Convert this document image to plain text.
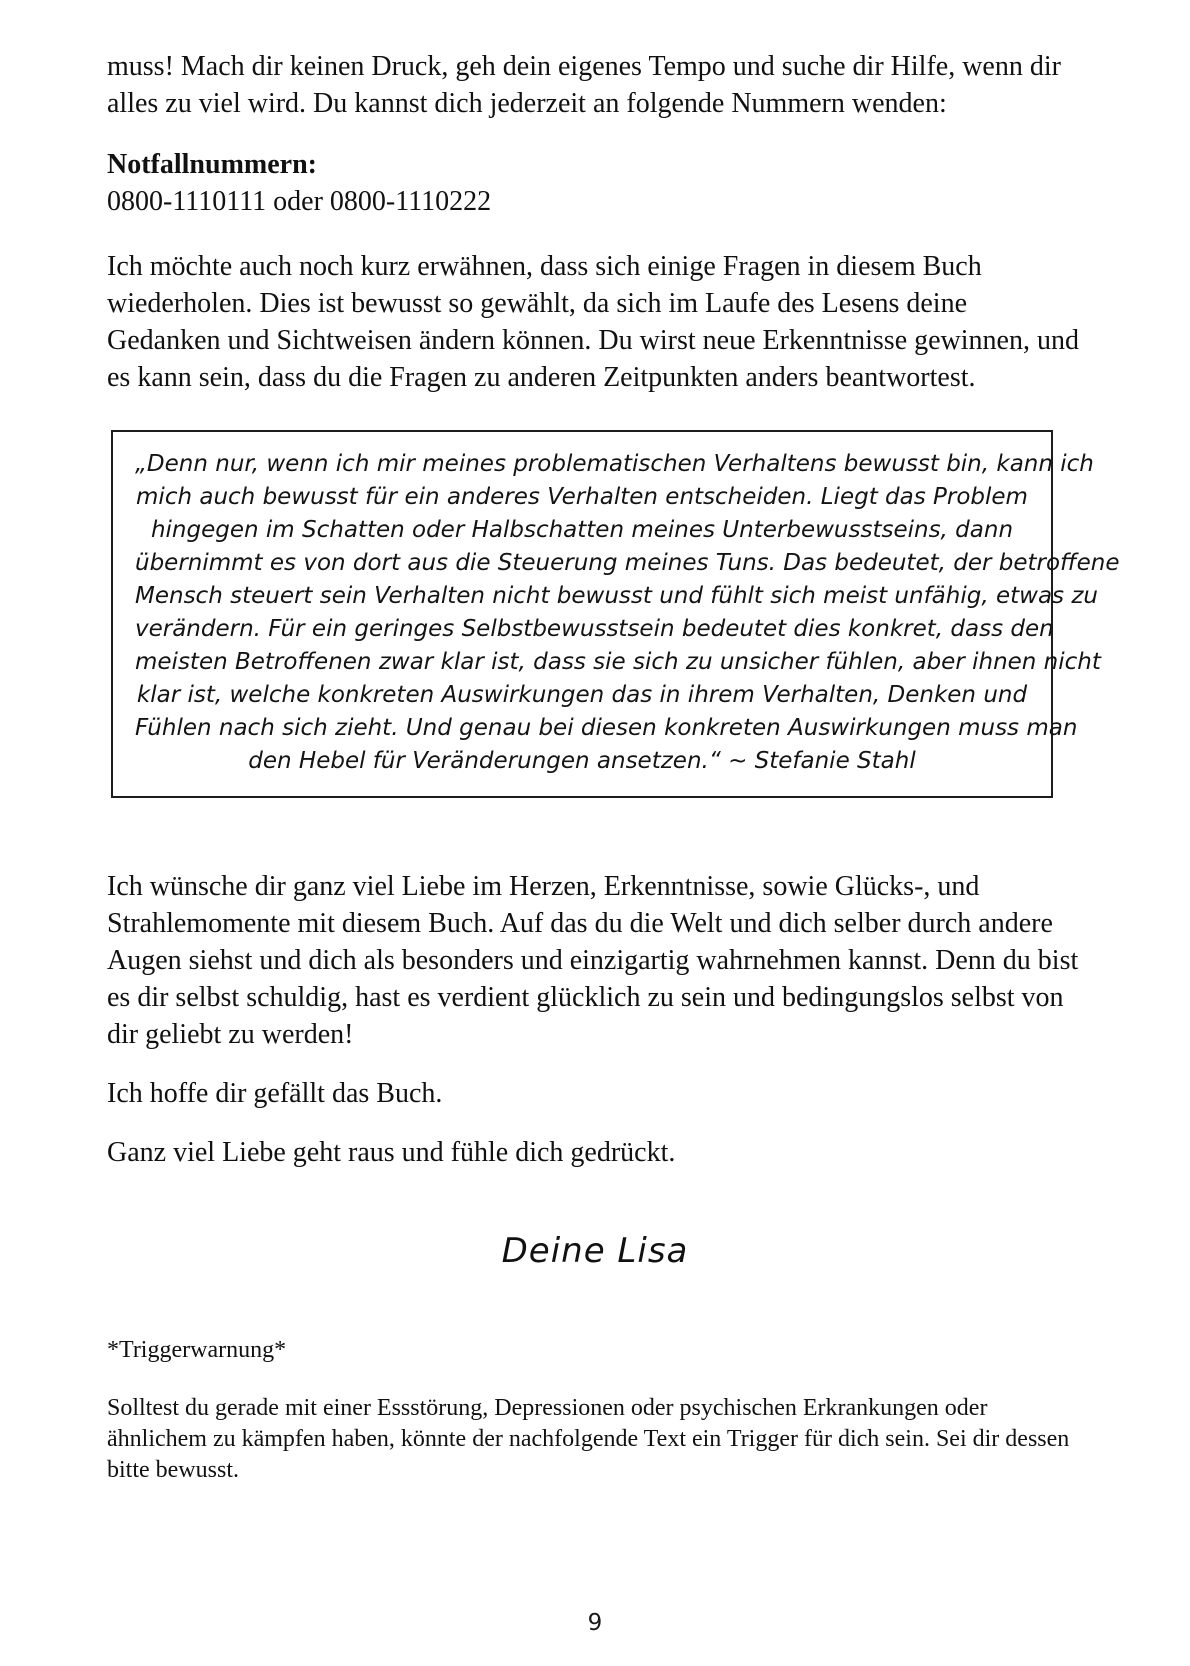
muss! Mach dir keinen Druck, geh dein eigenes Tempo und suche dir Hilfe, wenn dir alles zu viel wird. Du kannst dich jederzeit an folgende Nummern wenden:

Notfallnummern:
0800-1110111 oder 0800-1110222

Ich möchte auch noch kurz erwähnen, dass sich einige Fragen in diesem Buch wiederholen. Dies ist bewusst so gewählt, da sich im Laufe des Lesens deine Gedanken und Sichtweisen ändern können. Du wirst neue Erkenntnisse gewinnen, und es kann sein, dass du die Fragen zu anderen Zeitpunkten anders beantwortest.

„Denn nur, wenn ich mir meines problematischen Verhaltens bewusst bin, kann ich
mich auch bewusst für ein anderes Verhalten entscheiden. Liegt das Problem
hingegen im Schatten oder Halbschatten meines Unterbewusstseins, dann
übernimmt es von dort aus die Steuerung meines Tuns. Das bedeutet, der betroffene
Mensch steuert sein Verhalten nicht bewusst und fühlt sich meist unfähig, etwas zu
verändern. Für ein geringes Selbstbewusstsein bedeutet dies konkret, dass den
meisten Betroffenen zwar klar ist, dass sie sich zu unsicher fühlen, aber ihnen nicht
klar ist, welche konkreten Auswirkungen das in ihrem Verhalten, Denken und
Fühlen nach sich zieht. Und genau bei diesen konkreten Auswirkungen muss man
den Hebel für Veränderungen ansetzen.“ ~ Stefanie Stahl

Ich wünsche dir ganz viel Liebe im Herzen, Erkenntnisse, sowie Glücks-, und Strahlemomente mit diesem Buch. Auf das du die Welt und dich selber durch andere Augen siehst und dich als besonders und einzigartig wahrnehmen kannst. Denn du bist es dir selbst schuldig, hast es verdient glücklich zu sein und bedingungslos selbst von dir geliebt zu werden!

Ich hoffe dir gefällt das Buch.

Ganz viel Liebe geht raus und fühle dich gedrückt.

Deine Lisa

*Triggerwarnung*

Solltest du gerade mit einer Essstörung, Depressionen oder psychischen Erkrankungen oder ähnlichem zu kämpfen haben, könnte der nachfolgende Text ein Trigger für dich sein. Sei dir dessen bitte bewusst.

9
